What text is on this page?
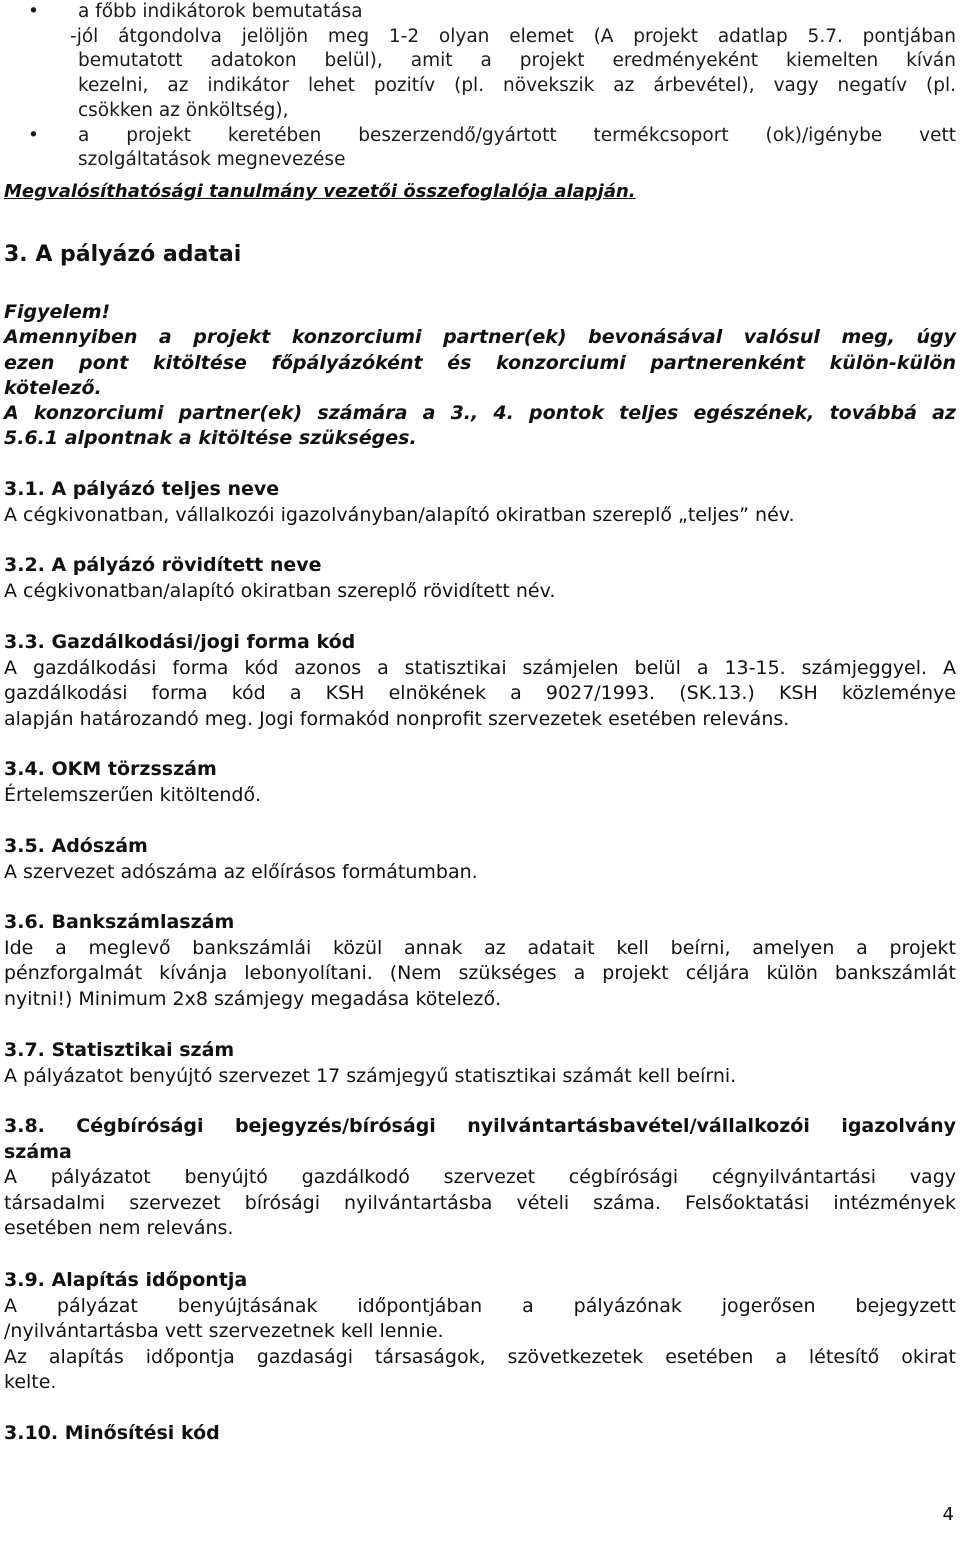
• a főbb indikátorok bemutatása
-jól átgondolva jelöljön meg 1-2 olyan elemet (A projekt adatlap 5.7. pontjában
bemutatott adatokon belül), amit a projekt eredményeként kiemelten kíván
kezelni, az indikátor lehet pozitív (pl. növekszik az árbevétel), vagy negatív (pl.
csökken az önköltség),
• a projekt keretében beszerzendő/gyártott termékcsoport (ok)/igénybe vett
szolgáltatások megnevezése
Megvalósíthatósági tanulmány vezetői összefoglalója alapján.
3. A pályázó adatai
Figyelem!
Amennyiben a projekt konzorciumi partner(ek) bevonásával valósul meg, úgy
ezen pont kitöltése főpályázóként és konzorciumi partnerenként külön-külön
kötelező.
A konzorciumi partner(ek) számára a 3., 4. pontok teljes egészének, továbbá az
5.6.1 alpontnak a kitöltése szükséges.
3.1. A pályázó teljes neve
A cégkivonatban, vállalkozói igazolványban/alapító okiratban szereplő „teljes” név.
3.2. A pályázó rövidített neve
A cégkivonatban/alapító okiratban szereplő rövidített név.
3.3. Gazdálkodási/jogi forma kód
A gazdálkodási forma kód azonos a statisztikai számjelen belül a 13-15. számjeggyel. A
gazdálkodási forma kód a KSH elnökének a 9027/1993. (SK.13.) KSH közleménye
alapján határozandó meg. Jogi formakód nonprofit szervezetek esetében releváns.
3.4. OKM törzsszám
Értelemszerűen kitöltendő.
3.5. Adószám
A szervezet adószáma az előírásos formátumban.
3.6. Bankszámlaszám
Ide a meglevő bankszámlái közül annak az adatait kell beírni, amelyen a projekt
pénzforgalmát kívánja lebonyolítani. (Nem szükséges a projekt céljára külön bankszámlát
nyitni!) Minimum 2x8 számjegy megadása kötelező.
3.7. Statisztikai szám
A pályázatot benyújtó szervezet 17 számjegyű statisztikai számát kell beírni.
3.8. Cégbírósági bejegyzés/bírósági nyilvántartásbavétel/vállalkozói igazolvány
száma
A pályázatot benyújtó gazdálkodó szervezet cégbírósági cégnyilvántartási vagy
társadalmi szervezet bírósági nyilvántartásba vételi száma. Felsőoktatási intézmények
esetében nem releváns.
3.9. Alapítás időpontja
A pályázat benyújtásának időpontjában a pályázónak jogerősen bejegyzett
/nyilvántartásba vett szervezetnek kell lennie.
Az alapítás időpontja gazdasági társaságok, szövetkezetek esetében a létesítő okirat
kelte.
3.10. Minősítési kód
4
